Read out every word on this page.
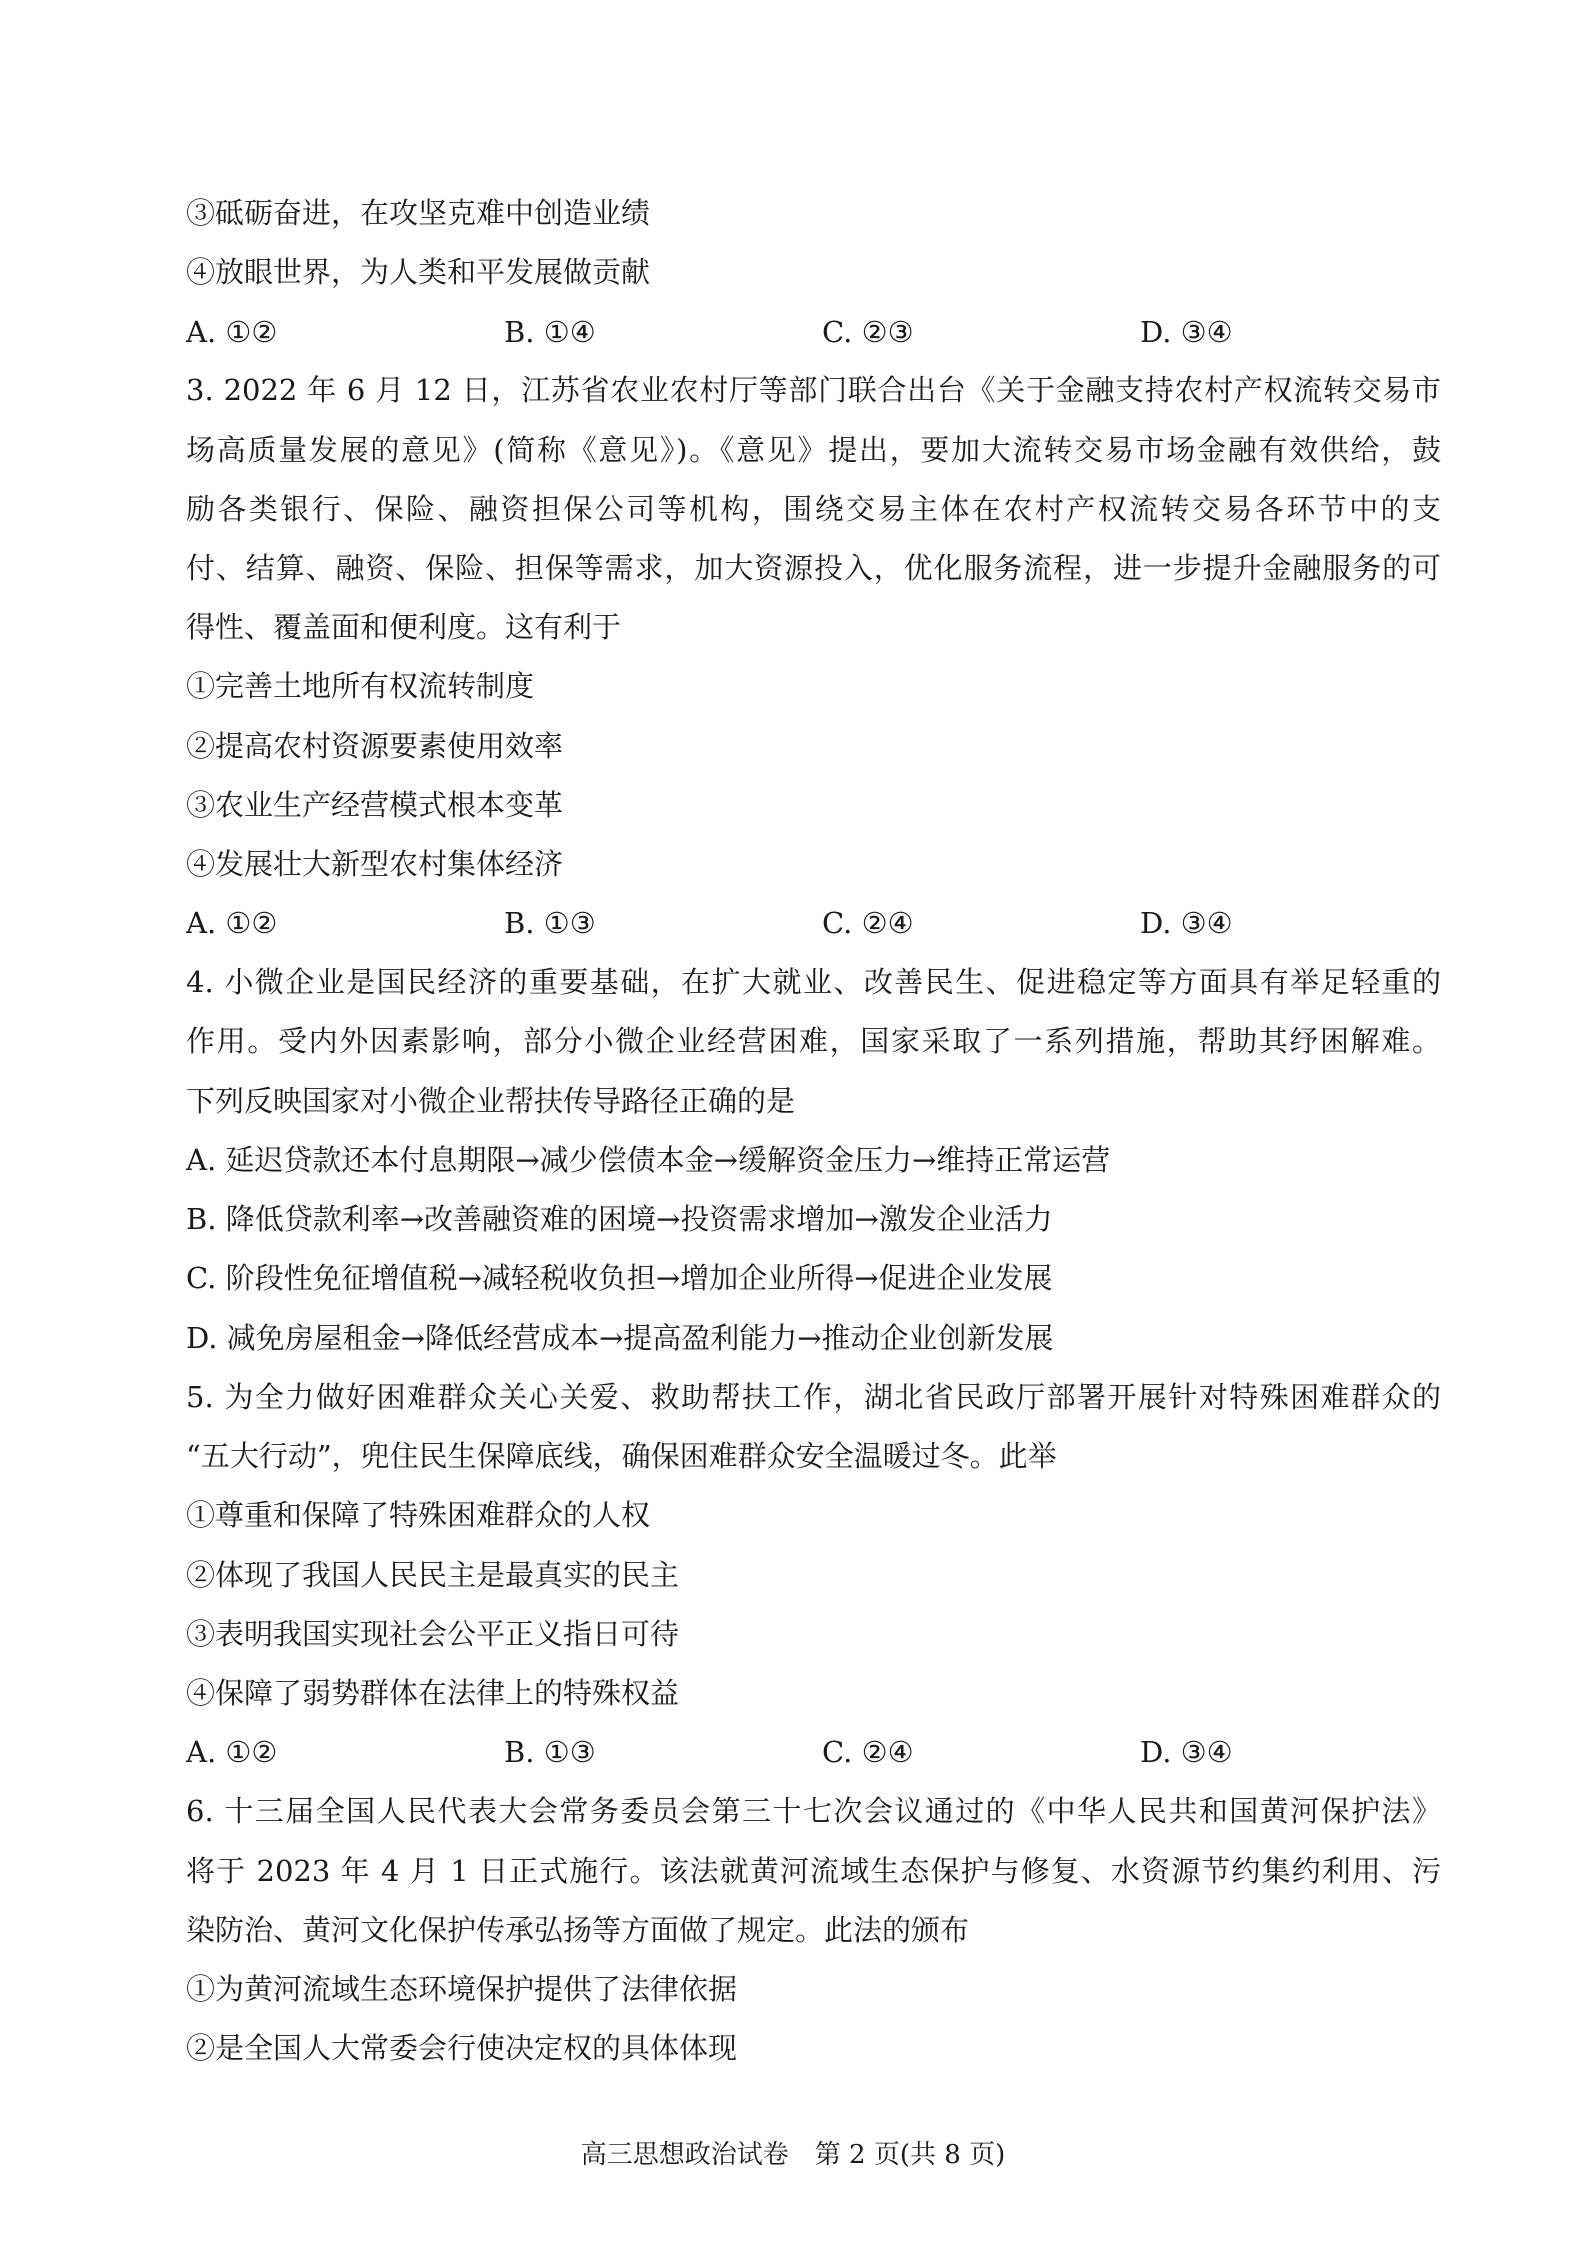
③砥砺奋进，在攻坚克难中创造业绩
④放眼世界，为人类和平发展做贡献
A. ①②	B. ①④	C. ②③	D. ③④
3. 2022 年 6 月 12 日，江苏省农业农村厅等部门联合出台《关于金融支持农村产权流转交易市
场高质量发展的意见》(简称《意见》)。《意见》提出，要加大流转交易市场金融有效供给，鼓
励各类银行、保险、融资担保公司等机构，围绕交易主体在农村产权流转交易各环节中的支
付、结算、融资、保险、担保等需求，加大资源投入，优化服务流程，进一步提升金融服务的可
得性、覆盖面和便利度。这有利于
①完善土地所有权流转制度
②提高农村资源要素使用效率
③农业生产经营模式根本变革
④发展壮大新型农村集体经济
A. ①②	B. ①③	C. ②④	D. ③④
4. 小微企业是国民经济的重要基础，在扩大就业、改善民生、促进稳定等方面具有举足轻重的
作用。受内外因素影响，部分小微企业经营困难，国家采取了一系列措施，帮助其纾困解难。
下列反映国家对小微企业帮扶传导路径正确的是
A. 延迟贷款还本付息期限→减少偿债本金→缓解资金压力→维持正常运营
B. 降低贷款利率→改善融资难的困境→投资需求增加→激发企业活力
C. 阶段性免征增值税→减轻税收负担→增加企业所得→促进企业发展
D. 减免房屋租金→降低经营成本→提高盈利能力→推动企业创新发展
5. 为全力做好困难群众关心关爱、救助帮扶工作，湖北省民政厅部署开展针对特殊困难群众的
“五大行动”，兜住民生保障底线，确保困难群众安全温暖过冬。此举
①尊重和保障了特殊困难群众的人权
②体现了我国人民民主是最真实的民主
③表明我国实现社会公平正义指日可待
④保障了弱势群体在法律上的特殊权益
A. ①②	B. ①③	C. ②④	D. ③④
6. 十三届全国人民代表大会常务委员会第三十七次会议通过的《中华人民共和国黄河保护法》
将于 2023 年 4 月 1 日正式施行。该法就黄河流域生态保护与修复、水资源节约集约利用、污
染防治、黄河文化保护传承弘扬等方面做了规定。此法的颁布
①为黄河流域生态环境保护提供了法律依据
②是全国人大常委会行使决定权的具体体现
高三思想政治试卷　第 2 页(共 8 页)
